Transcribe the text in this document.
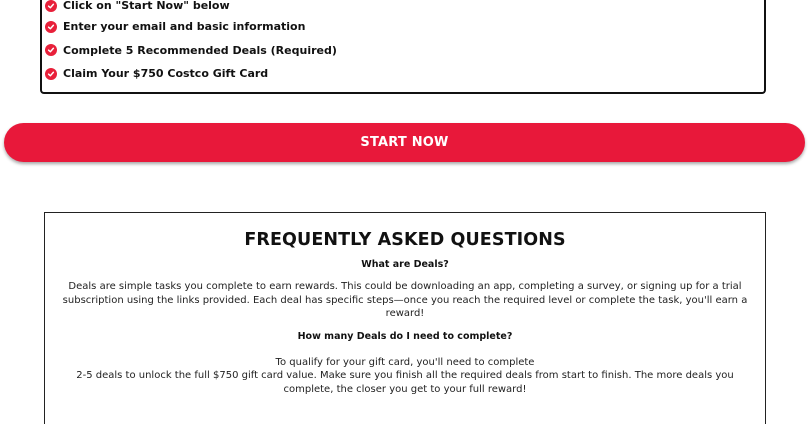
Click on "Start Now" below
Enter your email and basic information
Complete 5 Recommended Deals (Required)
Claim Your $750 Costco Gift Card
START NOW
FREQUENTLY ASKED QUESTIONS
What are Deals?
Deals are simple tasks you complete to earn rewards. This could be downloading an app, completing a survey, or signing up for a trial subscription using the links provided. Each deal has specific steps—once you reach the required level or complete the task, you'll earn a reward!
How many Deals do I need to complete?
To qualify for your gift card, you'll need to complete
2-5 deals to unlock the full $750 gift card value. Make sure you finish all the required deals from start to finish. The more deals you complete, the closer you get to your full reward!
